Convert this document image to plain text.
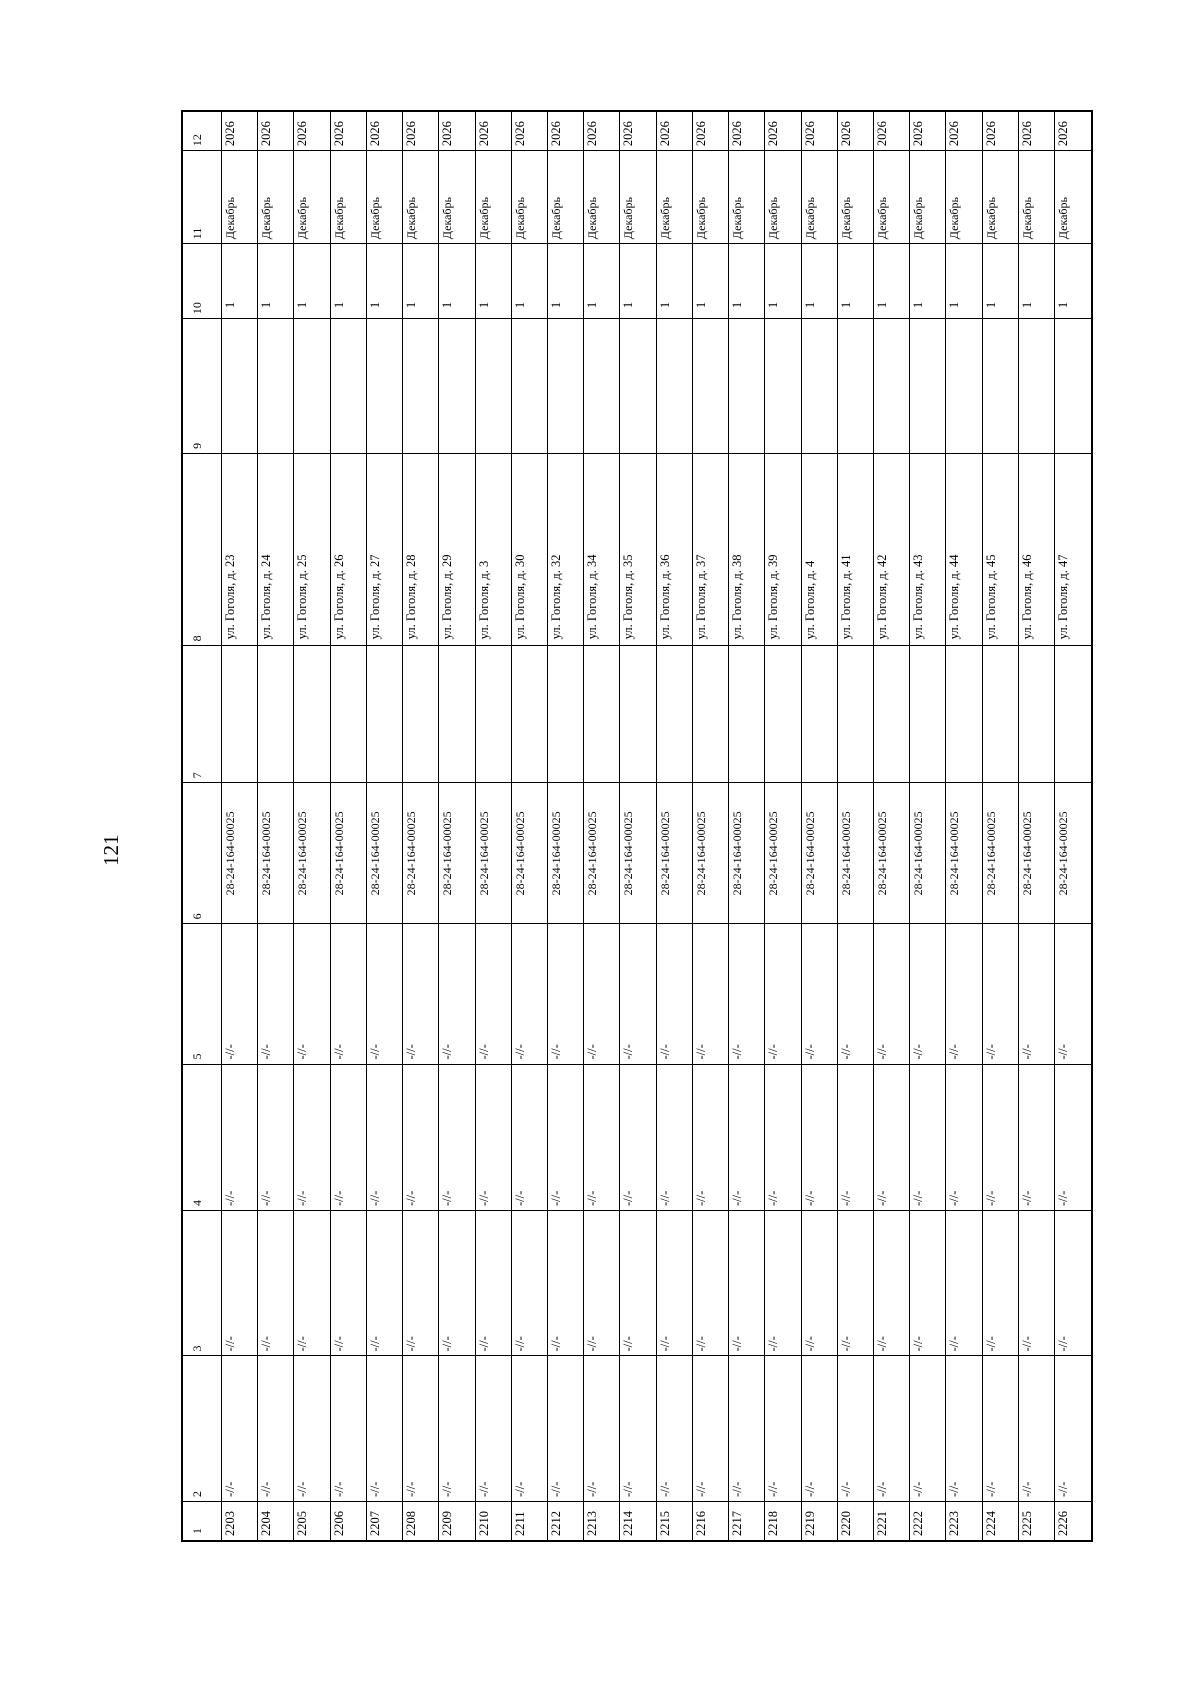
121
1	2	3	4	5	6	7	8	9	10	11	12
2203	-//-	-//-	-//-	-//-	28-24-164-00025		ул. Гоголя, д. 23		1	Декабрь	2026
2204	-//-	-//-	-//-	-//-	28-24-164-00025		ул. Гоголя, д. 24		1	Декабрь	2026
2205	-//-	-//-	-//-	-//-	28-24-164-00025		ул. Гоголя, д. 25		1	Декабрь	2026
2206	-//-	-//-	-//-	-//-	28-24-164-00025		ул. Гоголя, д. 26		1	Декабрь	2026
2207	-//-	-//-	-//-	-//-	28-24-164-00025		ул. Гоголя, д. 27		1	Декабрь	2026
2208	-//-	-//-	-//-	-//-	28-24-164-00025		ул. Гоголя, д. 28		1	Декабрь	2026
2209	-//-	-//-	-//-	-//-	28-24-164-00025		ул. Гоголя, д. 29		1	Декабрь	2026
2210	-//-	-//-	-//-	-//-	28-24-164-00025		ул. Гоголя, д. 3		1	Декабрь	2026
2211	-//-	-//-	-//-	-//-	28-24-164-00025		ул. Гоголя, д. 30		1	Декабрь	2026
2212	-//-	-//-	-//-	-//-	28-24-164-00025		ул. Гоголя, д. 32		1	Декабрь	2026
2213	-//-	-//-	-//-	-//-	28-24-164-00025		ул. Гоголя, д. 34		1	Декабрь	2026
2214	-//-	-//-	-//-	-//-	28-24-164-00025		ул. Гоголя, д. 35		1	Декабрь	2026
2215	-//-	-//-	-//-	-//-	28-24-164-00025		ул. Гоголя, д. 36		1	Декабрь	2026
2216	-//-	-//-	-//-	-//-	28-24-164-00025		ул. Гоголя, д. 37		1	Декабрь	2026
2217	-//-	-//-	-//-	-//-	28-24-164-00025		ул. Гоголя, д. 38		1	Декабрь	2026
2218	-//-	-//-	-//-	-//-	28-24-164-00025		ул. Гоголя, д. 39		1	Декабрь	2026
2219	-//-	-//-	-//-	-//-	28-24-164-00025		ул. Гоголя, д. 4		1	Декабрь	2026
2220	-//-	-//-	-//-	-//-	28-24-164-00025		ул. Гоголя, д. 41		1	Декабрь	2026
2221	-//-	-//-	-//-	-//-	28-24-164-00025		ул. Гоголя, д. 42		1	Декабрь	2026
2222	-//-	-//-	-//-	-//-	28-24-164-00025		ул. Гоголя, д. 43		1	Декабрь	2026
2223	-//-	-//-	-//-	-//-	28-24-164-00025		ул. Гоголя, д. 44		1	Декабрь	2026
2224	-//-	-//-	-//-	-//-	28-24-164-00025		ул. Гоголя, д. 45		1	Декабрь	2026
2225	-//-	-//-	-//-	-//-	28-24-164-00025		ул. Гоголя, д. 46		1	Декабрь	2026
2226	-//-	-//-	-//-	-//-	28-24-164-00025		ул. Гоголя, д. 47		1	Декабрь	2026
